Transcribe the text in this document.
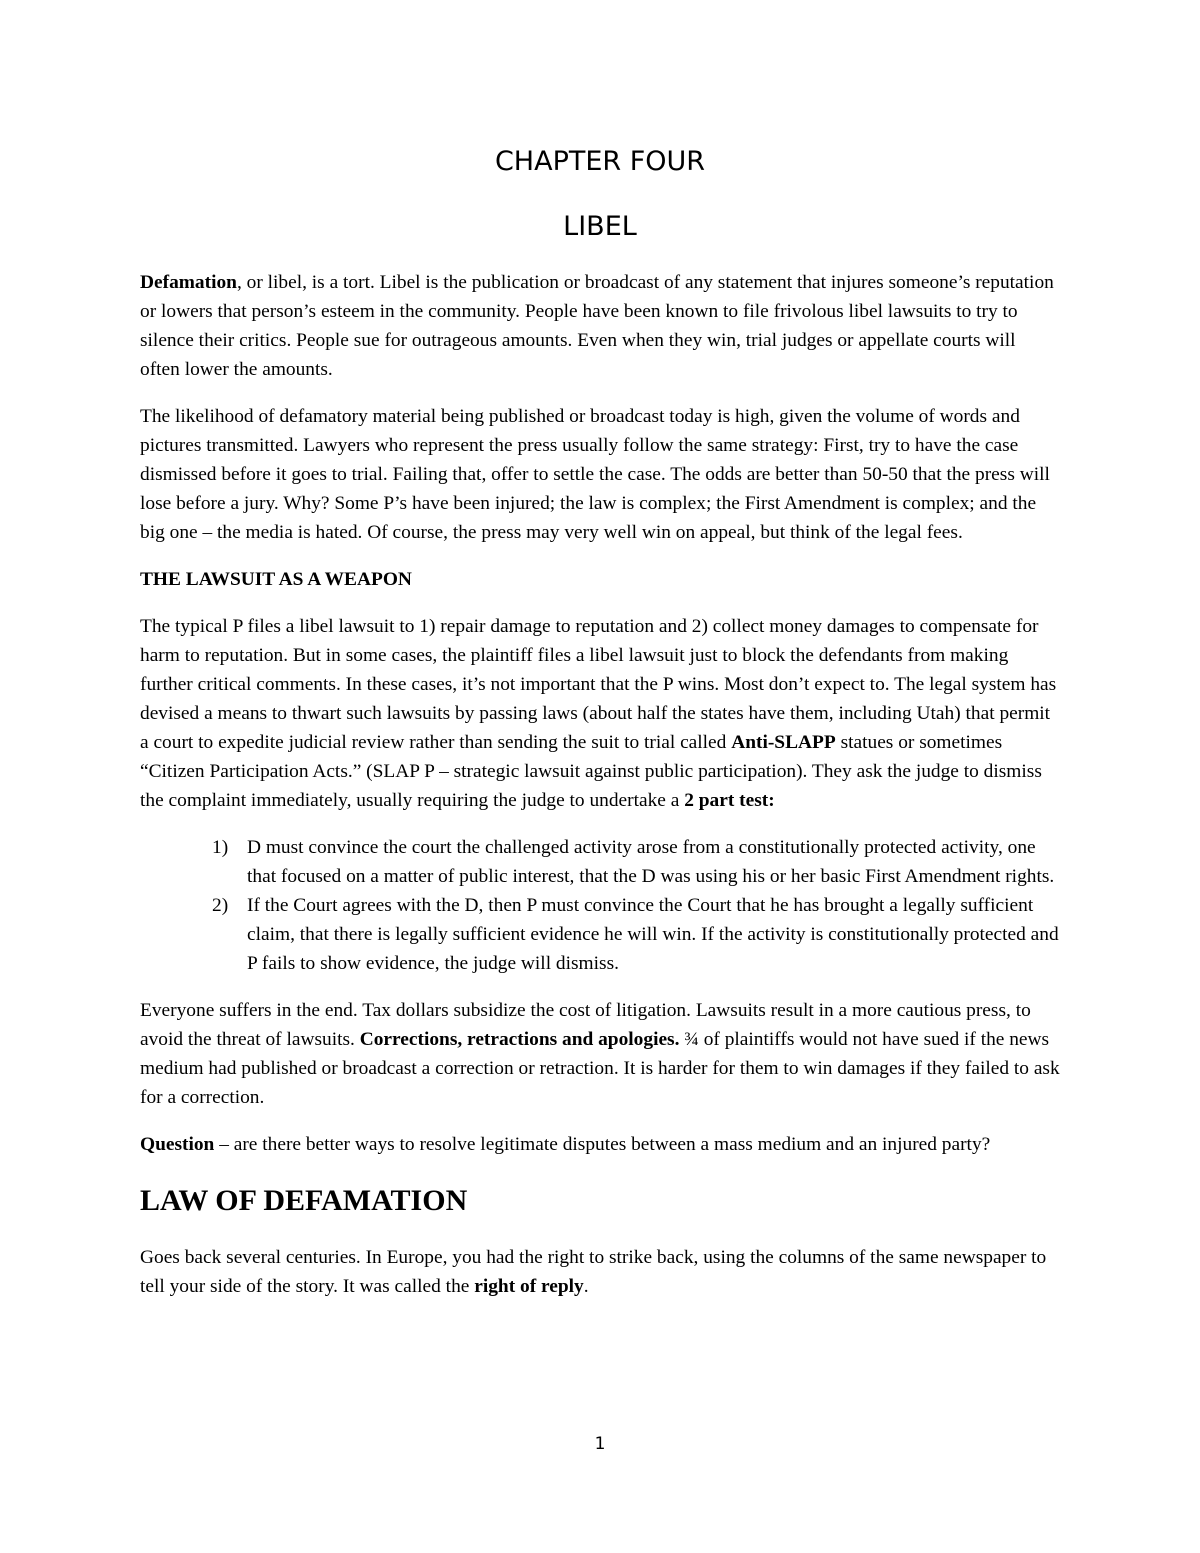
CHAPTER FOUR
LIBEL

Defamation, or libel, is a tort. Libel is the publication or broadcast of any statement that injures someone’s reputation or lowers that person’s esteem in the community. People have been known to file frivolous libel lawsuits to try to silence their critics. People sue for outrageous amounts. Even when they win, trial judges or appellate courts will often lower the amounts.

The likelihood of defamatory material being published or broadcast today is high, given the volume of words and pictures transmitted. Lawyers who represent the press usually follow the same strategy: First, try to have the case dismissed before it goes to trial. Failing that, offer to settle the case. The odds are better than 50-50 that the press will lose before a jury. Why? Some P’s have been injured; the law is complex; the First Amendment is complex; and the big one – the media is hated. Of course, the press may very well win on appeal, but think of the legal fees.

THE LAWSUIT AS A WEAPON

The typical P files a libel lawsuit to 1) repair damage to reputation and 2) collect money damages to compensate for harm to reputation. But in some cases, the plaintiff files a libel lawsuit just to block the defendants from making further critical comments. In these cases, it’s not important that the P wins. Most don’t expect to. The legal system has devised a means to thwart such lawsuits by passing laws (about half the states have them, including Utah) that permit a court to expedite judicial review rather than sending the suit to trial called Anti-SLAPP statues or sometimes “Citizen Participation Acts.” (SLAP P – strategic lawsuit against public participation). They ask the judge to dismiss the complaint immediately, usually requiring the judge to undertake a 2 part test:

1) D must convince the court the challenged activity arose from a constitutionally protected activity, one that focused on a matter of public interest, that the D was using his or her basic First Amendment rights.
2) If the Court agrees with the D, then P must convince the Court that he has brought a legally sufficient claim, that there is legally sufficient evidence he will win. If the activity is constitutionally protected and P fails to show evidence, the judge will dismiss.

Everyone suffers in the end. Tax dollars subsidize the cost of litigation. Lawsuits result in a more cautious press, to avoid the threat of lawsuits. Corrections, retractions and apologies. ¾ of plaintiffs would not have sued if the news medium had published or broadcast a correction or retraction. It is harder for them to win damages if they failed to ask for a correction.

Question – are there better ways to resolve legitimate disputes between a mass medium and an injured party?

LAW OF DEFAMATION

Goes back several centuries. In Europe, you had the right to strike back, using the columns of the same newspaper to tell your side of the story. It was called the right of reply.

1
